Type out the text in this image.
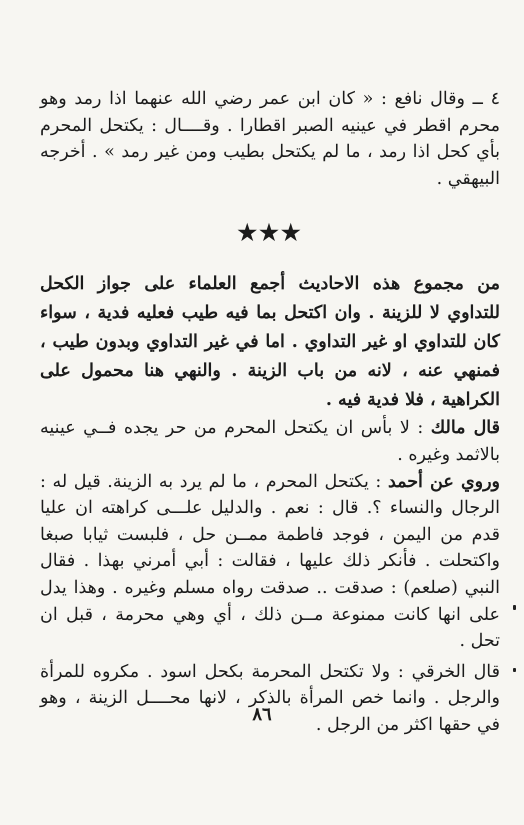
٤ ــ وقال نافع : « كان ابن عمر رضي الله عنهما اذا رمد وهو محرم اقطر في عينيه الصبر اقطارا . وقــــال : يكتحل المحرم بأي كحل اذا رمد ، ما لم يكتحل بطيب ومن غير رمد » . أخرجه البيهقي .

★★★

من مجموع هذه الاحاديث أجمع العلماء على جواز الكحل للتداوي لا للزينة . وان اكتحل بما فيه طيب فعليه فدية ، سواء كان للتداوي او غير التداوي . اما في غير التداوي وبدون طيب ، فمنهي عنه ، لانه من باب الزينة . والنهي هنا محمول على الكراهية ، فلا فدية فيه .

قال مالك : لا بأس ان يكتحل المحرم من حر يجده فــي عينيه بالاثمد وغيره .

وروي عن أحمد : يكتحل المحرم ، ما لم يرد به الزينة. قيل له : الرجال والنساء ؟. قال : نعم . والدليل علـــى كراهته ان عليا قدم من اليمن ، فوجد فاطمة ممــن حل ، فلبست ثيابا صبغا واكتحلت . فأنكر ذلك عليها ، فقالت : أبي أمرني بهذا . فقال النبي (صلعم) : صدقت .. صدقت رواه مسلم وغيره . وهذا يدل على انها كانت ممنوعة مــن ذلك ، أي وهي محرمة ، قبل ان تحل .

قال الخرقي : ولا تكتحل المحرمة بكحل اسود . مكروه للمرأة والرجل . وانما خص المرأة بالذكر ، لانها محــــل الزينة ، وهو في حقها اكثر من الرجل .

٨٦
